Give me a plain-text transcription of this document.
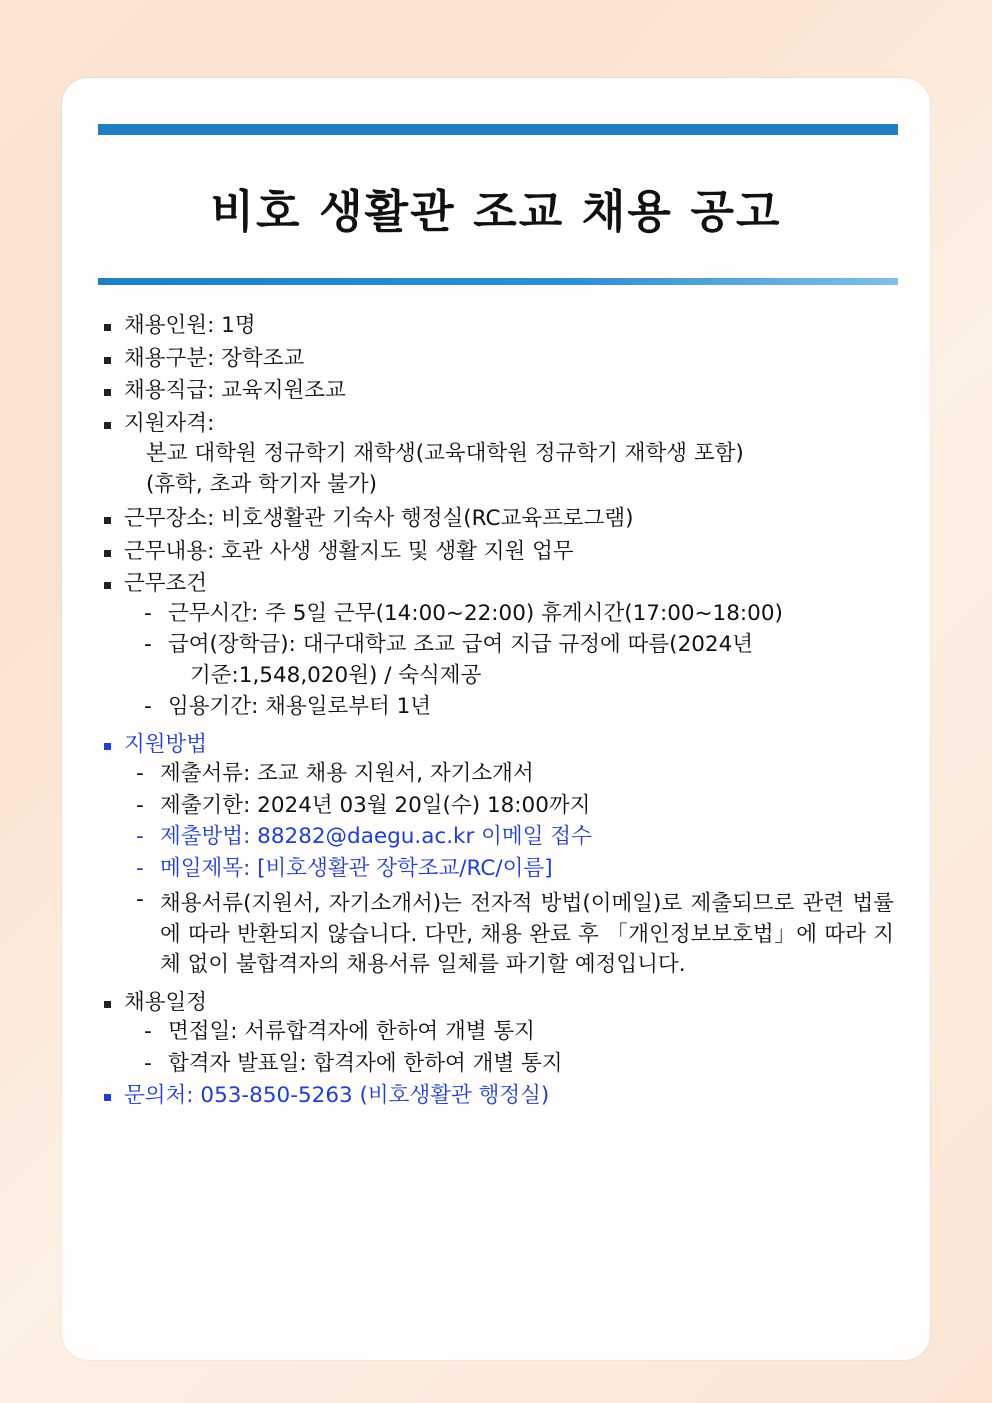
비호 생활관 조교 채용 공고
채용인원: 1명
채용구분: 장학조교
채용직급: 교육지원조교
지원자격:
본교 대학원 정규학기 재학생(교육대학원 정규학기 재학생 포함)
(휴학, 초과 학기자 불가)
근무장소: 비호생활관 기숙사 행정실(RC교육프로그램)
근무내용: 호관 사생 생활지도 및 생활 지원 업무
근무조건
- 근무시간: 주 5일 근무(14:00~22:00) 휴게시간(17:00~18:00)
- 급여(장학금): 대구대학교 조교 급여 지급 규정에 따름(2024년
기준:1,548,020원) / 숙식제공
- 임용기간: 채용일로부터 1년
지원방법
- 제출서류: 조교 채용 지원서, 자기소개서
- 제출기한: 2024년 03월 20일(수) 18:00까지
- 제출방법: 88282@daegu.ac.kr 이메일 접수
- 메일제목: [비호생활관 장학조교/RC/이름]
- 채용서류(지원서, 자기소개서)는 전자적 방법(이메일)로 제출되므로 관련 법률에 따라 반환되지 않습니다. 다만, 채용 완료 후 「개인정보보호법」에 따라 지체 없이 불합격자의 채용서류 일체를 파기할 예정입니다.
채용일정
- 면접일: 서류합격자에 한하여 개별 통지
- 합격자 발표일: 합격자에 한하여 개별 통지
문의처: 053-850-5263 (비호생활관 행정실)
